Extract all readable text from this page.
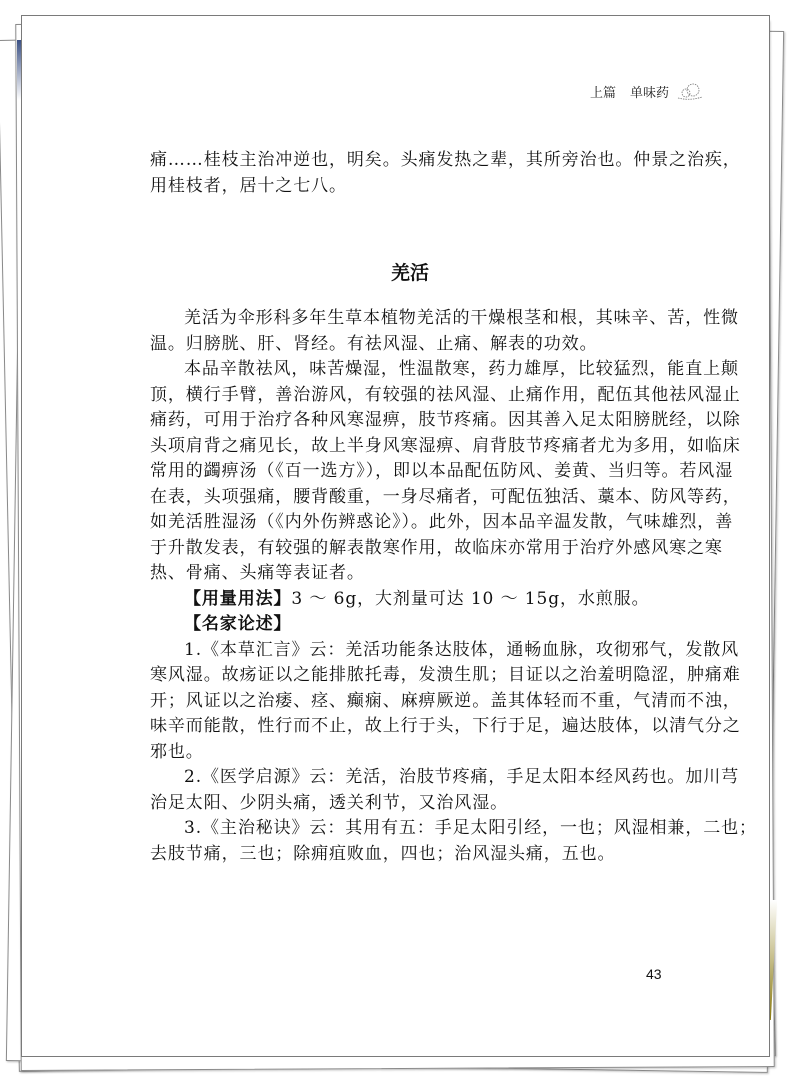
上篇 单味药
痛……桂枝主治冲逆也，明矣。头痛发热之辈，其所旁治也。仲景之治疾，
用桂枝者，居十之七八。
羌活
羌活为伞形科多年生草本植物羌活的干燥根茎和根，其味辛、苦，性微
温。归膀胱、肝、肾经。有祛风湿、止痛、解表的功效。
本品辛散祛风，味苦燥湿，性温散寒，药力雄厚，比较猛烈，能直上颠
顶，横行手臂，善治游风，有较强的祛风湿、止痛作用，配伍其他祛风湿止
痛药，可用于治疗各种风寒湿痹，肢节疼痛。因其善入足太阳膀胱经，以除
头项肩背之痛见长，故上半身风寒湿痹、肩背肢节疼痛者尤为多用，如临床
常用的蠲痹汤（《百一选方》），即以本品配伍防风、姜黄、当归等。若风湿
在表，头项强痛，腰背酸重，一身尽痛者，可配伍独活、藁本、防风等药，
如羌活胜湿汤（《内外伤辨惑论》）。此外，因本品辛温发散，气味雄烈，善
于升散发表，有较强的解表散寒作用，故临床亦常用于治疗外感风寒之寒
热、骨痛、头痛等表证者。
【用量用法】3 ～ 6g，大剂量可达 10 ～ 15g，水煎服。
【名家论述】
1.《本草汇言》云：羌活功能条达肢体，通畅血脉，攻彻邪气，发散风
寒风湿。故疡证以之能排脓托毒，发溃生肌；目证以之治羞明隐涩，肿痛难
开；风证以之治痿、痉、癫痫、麻痹厥逆。盖其体轻而不重，气清而不浊，
味辛而能散，性行而不止，故上行于头，下行于足，遍达肢体，以清气分之
邪也。
2.《医学启源》云：羌活，治肢节疼痛，手足太阳本经风药也。加川芎
治足太阳、少阴头痛，透关利节，又治风湿。
3.《主治秘诀》云：其用有五：手足太阳引经，一也；风湿相兼，二也；
去肢节痛，三也；除痈疽败血，四也；治风湿头痛，五也。
43
